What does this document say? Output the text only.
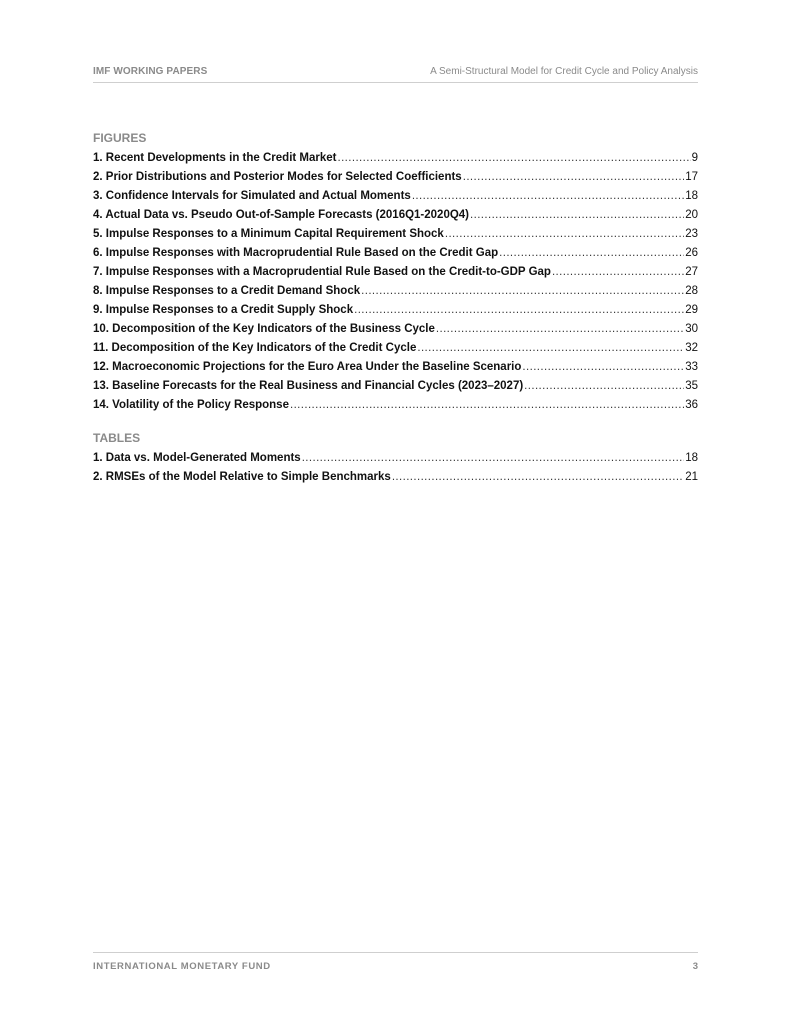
IMF WORKING PAPERS	A Semi-Structural Model for Credit Cycle and Policy Analysis
FIGURES
1. Recent Developments in the Credit Market .....	9
2. Prior Distributions and Posterior Modes for Selected Coefficients .....	17
3. Confidence Intervals for Simulated and Actual Moments .....	18
4. Actual Data vs. Pseudo Out-of-Sample Forecasts (2016Q1-2020Q4) .....	20
5. Impulse Responses to a Minimum Capital Requirement Shock .....	23
6. Impulse Responses with Macroprudential Rule Based on the Credit Gap .....	26
7. Impulse Responses with a Macroprudential Rule Based on the Credit-to-GDP Gap .....	27
8. Impulse Responses to a Credit Demand Shock .....	28
9. Impulse Responses to a Credit Supply Shock .....	29
10. Decomposition of the Key Indicators of the Business Cycle .....	30
11. Decomposition of the Key Indicators of the Credit Cycle .....	32
12. Macroeconomic Projections for the Euro Area Under the Baseline Scenario .....	33
13. Baseline Forecasts for the Real Business and Financial Cycles (2023–2027) .....	35
14. Volatility of the Policy Response .....	36
TABLES
1. Data vs. Model-Generated Moments .....	18
2. RMSEs of the Model Relative to Simple Benchmarks .....	21
INTERNATIONAL MONETARY FUND	3
